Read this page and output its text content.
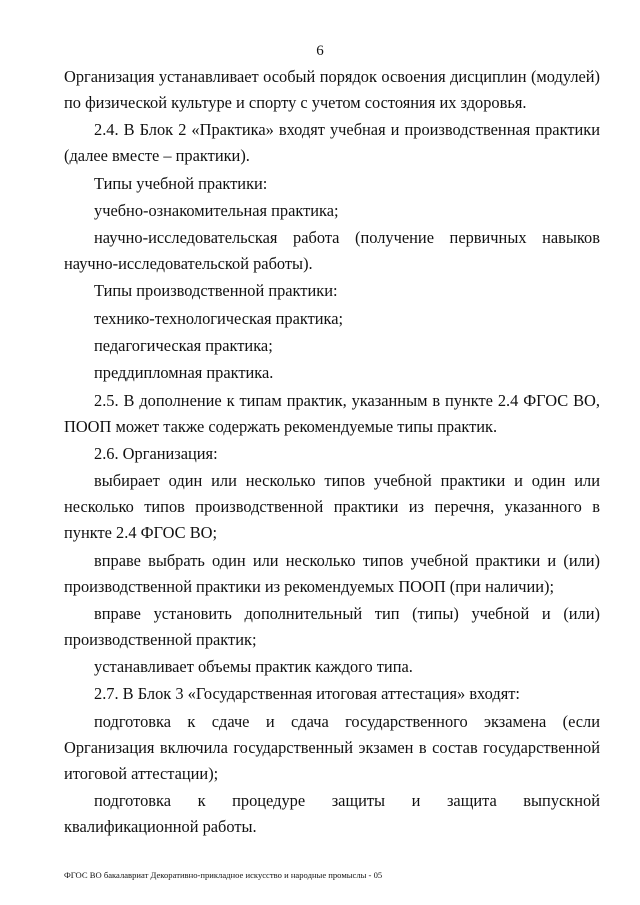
6

Организация устанавливает особый порядок освоения дисциплин (модулей) по физической культуре и спорту с учетом состояния их здоровья.

2.4. В Блок 2 «Практика» входят учебная и производственная практики (далее вместе – практики).

Типы учебной практики:

учебно-ознакомительная практика;

научно-исследовательская работа (получение первичных навыков научно-исследовательской работы).

Типы производственной практики:

технико-технологическая практика;

педагогическая практика;

преддипломная практика.

2.5. В дополнение к типам практик, указанным в пункте 2.4 ФГОС ВО, ПООП может также содержать рекомендуемые типы практик.

2.6. Организация:

выбирает один или несколько типов учебной практики и один или несколько типов производственной практики из перечня, указанного в пункте 2.4 ФГОС ВО;

вправе выбрать один или несколько типов учебной практики и (или) производственной практики из рекомендуемых ПООП (при наличии);

вправе установить дополнительный тип (типы) учебной и (или) производственной практик;

устанавливает объемы практик каждого типа.

2.7. В Блок 3 «Государственная итоговая аттестация» входят:

подготовка к сдаче и сдача государственного экзамена (если Организация включила государственный экзамен в состав государственной итоговой аттестации);

подготовка к процедуре защиты и защита выпускной квалификационной работы.

ФГОС ВО бакалавриат Декоративно-прикладное искусство и народные промыслы - 05
